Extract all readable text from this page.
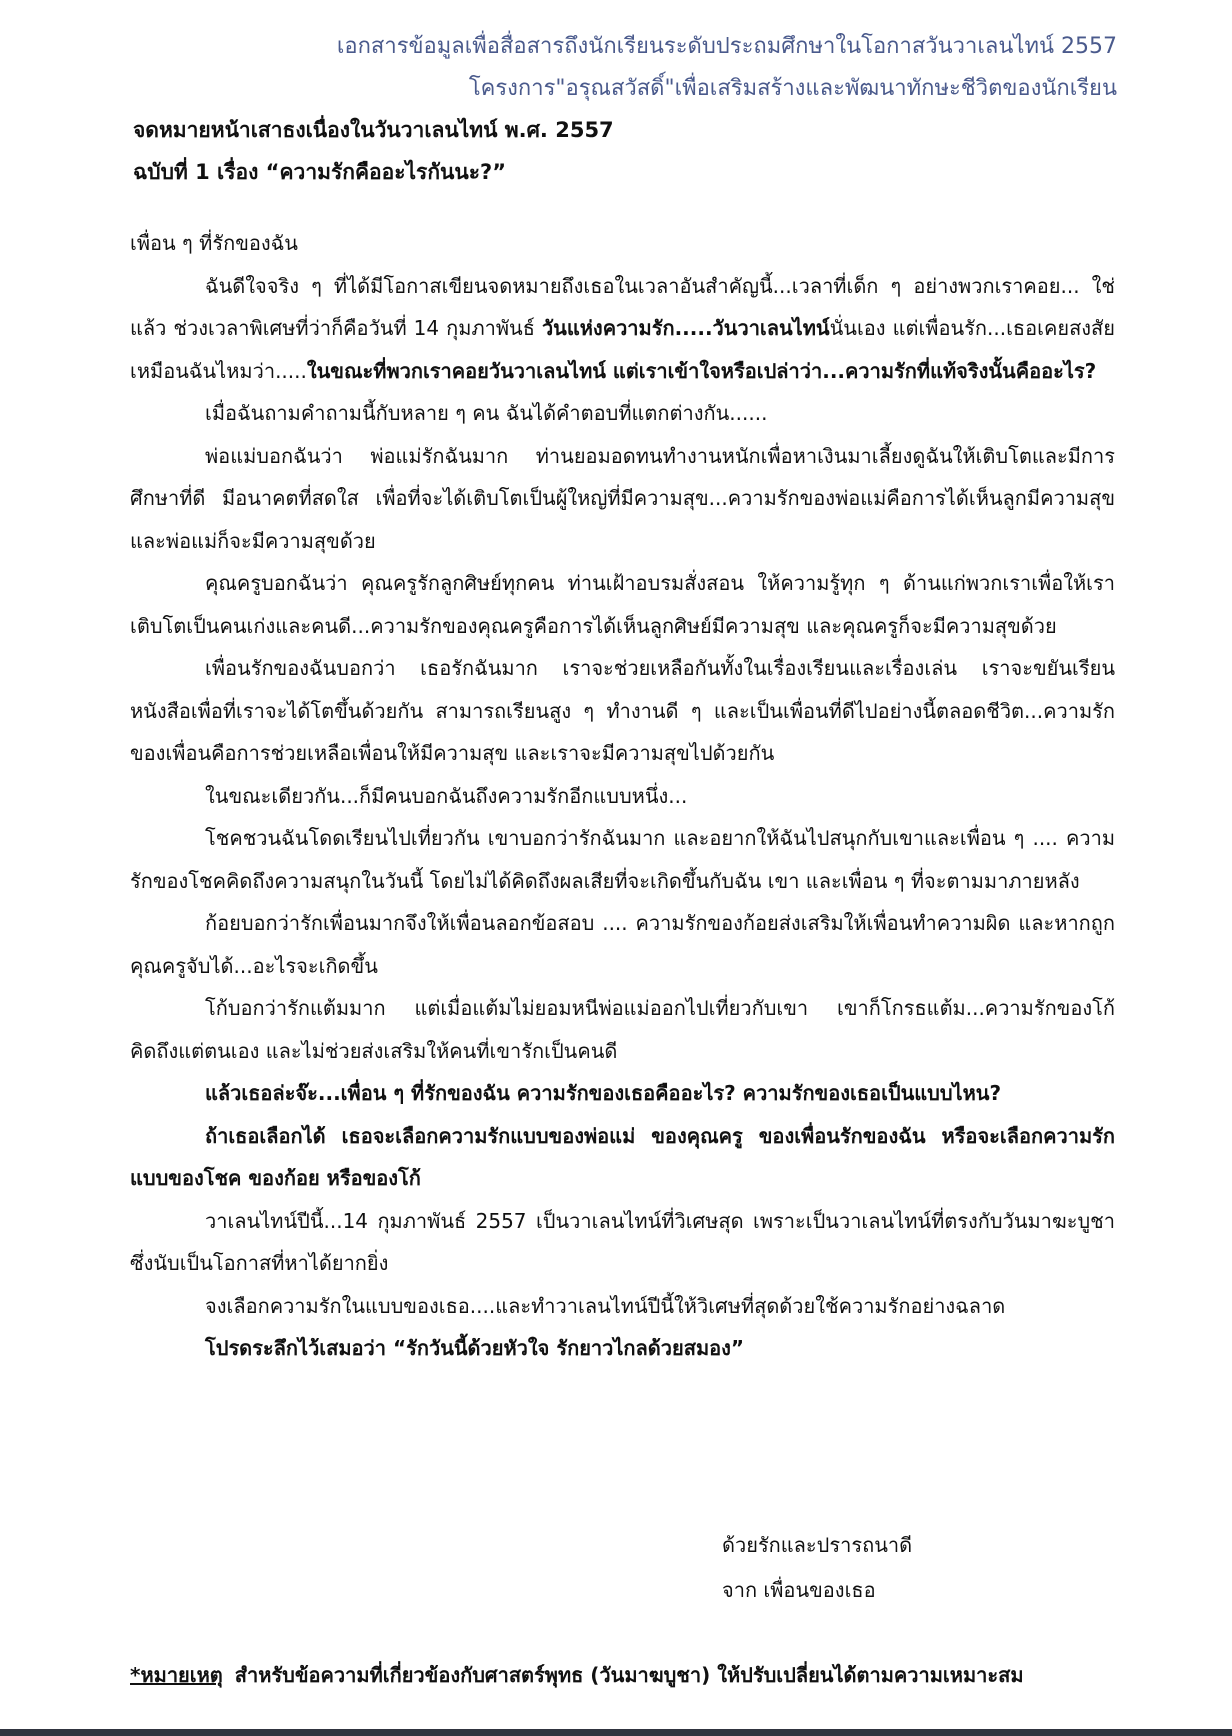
เอกสารข้อมูลเพื่อสื่อสารถึงนักเรียนระดับประถมศึกษาในโอกาสวันวาเลนไทน์ 2557
โครงการ"อรุณสวัสดิ์"เพื่อเสริมสร้างและพัฒนาทักษะชีวิตของนักเรียน
จดหมายหน้าเสาธงเนื่องในวันวาเลนไทน์ พ.ศ. 2557
ฉบับที่ 1 เรื่อง “ความรักคืออะไรกันนะ?”

เพื่อน ๆ ที่รักของฉัน

ฉันดีใจจริง ๆ ที่ได้มีโอกาสเขียนจดหมายถึงเธอในเวลาอันสำคัญนี้...เวลาที่เด็ก ๆ อย่างพวกเราคอย... ใช่แล้ว ช่วงเวลาพิเศษที่ว่าก็คือวันที่ 14 กุมภาพันธ์ วันแห่งความรัก.....วันวาเลนไทน์นั่นเอง แต่เพื่อนรัก...เธอเคยสงสัยเหมือนฉันไหมว่า.....ในขณะที่พวกเราคอยวันวาเลนไทน์ แต่เราเข้าใจหรือเปล่าว่า...ความรักที่แท้จริงนั้นคืออะไร?

เมื่อฉันถามคำถามนี้กับหลาย ๆ คน ฉันได้คำตอบที่แตกต่างกัน......

พ่อแม่บอกฉันว่า พ่อแม่รักฉันมาก ท่านยอมอดทนทำงานหนักเพื่อหาเงินมาเลี้ยงดูฉันให้เติบโตและมีการศึกษาที่ดี มีอนาคตที่สดใส เพื่อที่จะได้เติบโตเป็นผู้ใหญ่ที่มีความสุข...ความรักของพ่อแม่คือการได้เห็นลูกมีความสุข และพ่อแม่ก็จะมีความสุขด้วย

คุณครูบอกฉันว่า คุณครูรักลูกศิษย์ทุกคน ท่านเฝ้าอบรมสั่งสอน ให้ความรู้ทุก ๆ ด้านแก่พวกเราเพื่อให้เราเติบโตเป็นคนเก่งและคนดี...ความรักของคุณครูคือการได้เห็นลูกศิษย์มีความสุข และคุณครูก็จะมีความสุขด้วย

เพื่อนรักของฉันบอกว่า เธอรักฉันมาก เราจะช่วยเหลือกันทั้งในเรื่องเรียนและเรื่องเล่น เราจะขยันเรียนหนังสือเพื่อที่เราจะได้โตขึ้นด้วยกัน สามารถเรียนสูง ๆ ทำงานดี ๆ และเป็นเพื่อนที่ดีไปอย่างนี้ตลอดชีวิต...ความรักของเพื่อนคือการช่วยเหลือเพื่อนให้มีความสุข และเราจะมีความสุขไปด้วยกัน

ในขณะเดียวกัน...ก็มีคนบอกฉันถึงความรักอีกแบบหนึ่ง...

โชคชวนฉันโดดเรียนไปเที่ยวกัน เขาบอกว่ารักฉันมาก และอยากให้ฉันไปสนุกกับเขาและเพื่อน ๆ .... ความรักของโชคคิดถึงความสนุกในวันนี้ โดยไม่ได้คิดถึงผลเสียที่จะเกิดขึ้นกับฉัน เขา และเพื่อน ๆ ที่จะตามมาภายหลัง

ก้อยบอกว่ารักเพื่อนมากจึงให้เพื่อนลอกข้อสอบ .... ความรักของก้อยส่งเสริมให้เพื่อนทำความผิด และหากถูกคุณครูจับได้...อะไรจะเกิดขึ้น

โก้บอกว่ารักแต้มมาก แต่เมื่อแต้มไม่ยอมหนีพ่อแม่ออกไปเที่ยวกับเขา เขาก็โกรธแต้ม...ความรักของโก้คิดถึงแต่ตนเอง และไม่ช่วยส่งเสริมให้คนที่เขารักเป็นคนดี

แล้วเธอล่ะจ๊ะ...เพื่อน ๆ ที่รักของฉัน ความรักของเธอคืออะไร? ความรักของเธอเป็นแบบไหน?

ถ้าเธอเลือกได้ เธอจะเลือกความรักแบบของพ่อแม่ ของคุณครู ของเพื่อนรักของฉัน หรือจะเลือกความรักแบบของโชค ของก้อย หรือของโก้

วาเลนไทน์ปีนี้...14 กุมภาพันธ์ 2557 เป็นวาเลนไทน์ที่วิเศษสุด เพราะเป็นวาเลนไทน์ที่ตรงกับวันมาฆะบูชา ซึ่งนับเป็นโอกาสที่หาได้ยากยิ่ง

จงเลือกความรักในแบบของเธอ....และทำวาเลนไทน์ปีนี้ให้วิเศษที่สุดด้วยใช้ความรักอย่างฉลาด

โปรดระลึกไว้เสมอว่า “รักวันนี้ด้วยหัวใจ รักยาวไกลด้วยสมอง”

ด้วยรักและปรารถนาดี
จาก เพื่อนของเธอ
*หมายเหตุ สำหรับข้อความที่เกี่ยวข้องกับศาสตร์พุทธ (วันมาฆบูชา) ให้ปรับเปลี่ยนได้ตามความเหมาะสม
